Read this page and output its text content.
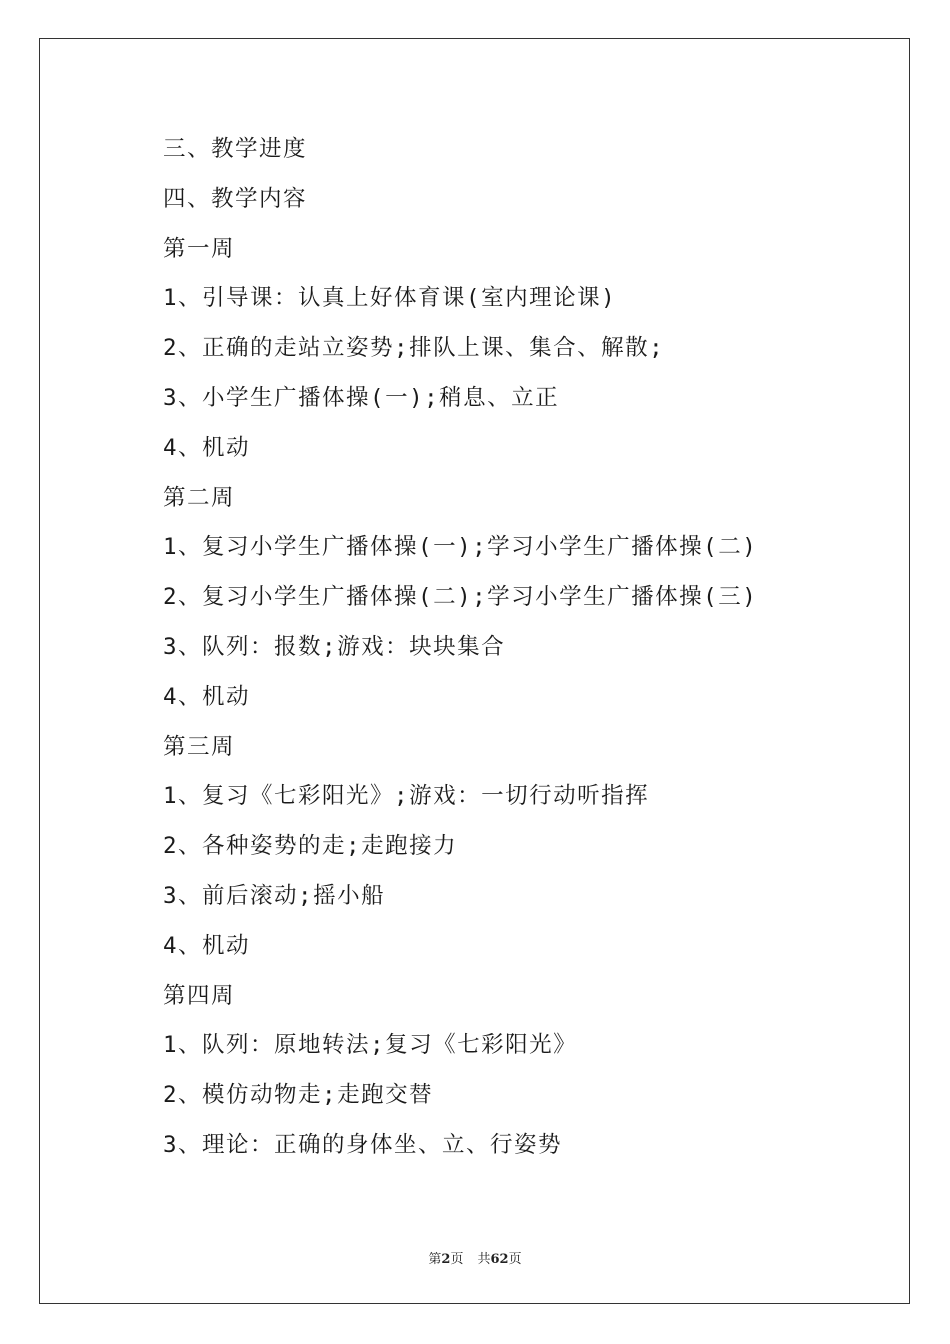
三、教学进度
四、教学内容
第一周
1、引导课：认真上好体育课(室内理论课)
2、正确的走站立姿势;排队上课、集合、解散;
3、小学生广播体操(一);稍息、立正
4、机动
第二周
1、复习小学生广播体操(一);学习小学生广播体操(二)
2、复习小学生广播体操(二);学习小学生广播体操(三)
3、队列：报数;游戏：块块集合
4、机动
第三周
1、复习《七彩阳光》;游戏：一切行动听指挥
2、各种姿势的走;走跑接力
3、前后滚动;摇小船
4、机动
第四周
1、队列：原地转法;复习《七彩阳光》
2、模仿动物走;走跑交替
3、理论：正确的身体坐、立、行姿势
第2页 共62页
